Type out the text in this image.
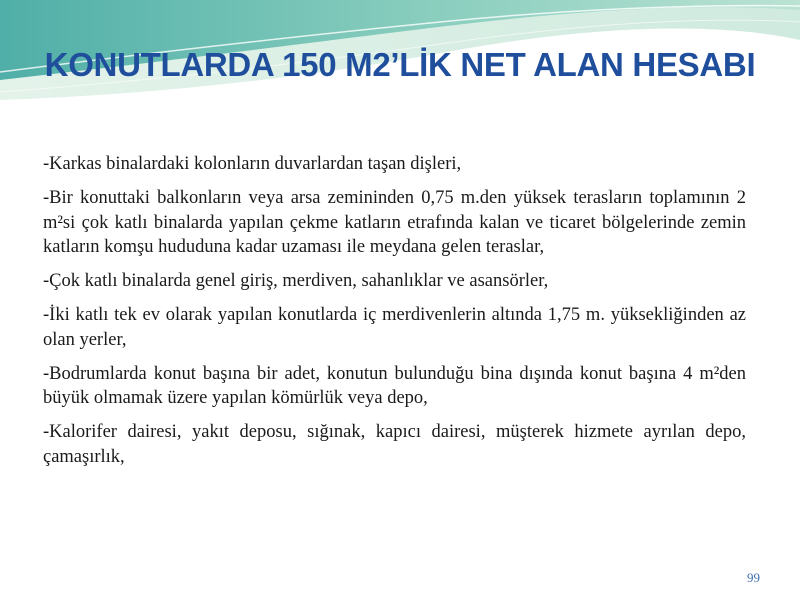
KONUTLARDA 150 M2’LİK NET ALAN HESABI

-Karkas binalardaki kolonların duvarlardan taşan dişleri,

-Bir konuttaki balkonların veya arsa zemininden 0,75 m.den yüksek terasların toplamının 2 m²si çok katlı binalarda yapılan çekme katların etrafında kalan ve ticaret bölgelerinde zemin katların komşu hududuna kadar uzaması ile meydana gelen teraslar,

-Çok katlı binalarda genel giriş, merdiven, sahanlıklar ve asansörler,

-İki katlı tek ev olarak yapılan konutlarda iç merdivenlerin altında 1,75 m. yüksekliğinden az olan yerler,

-Bodrumlarda konut başına bir adet, konutun bulunduğu bina dışında konut başına 4 m²den büyük olmamak üzere yapılan kömürlük veya depo,

-Kalorifer dairesi, yakıt deposu, sığınak, kapıcı dairesi, müşterek hizmete ayrılan depo, çamaşırlık,

99
